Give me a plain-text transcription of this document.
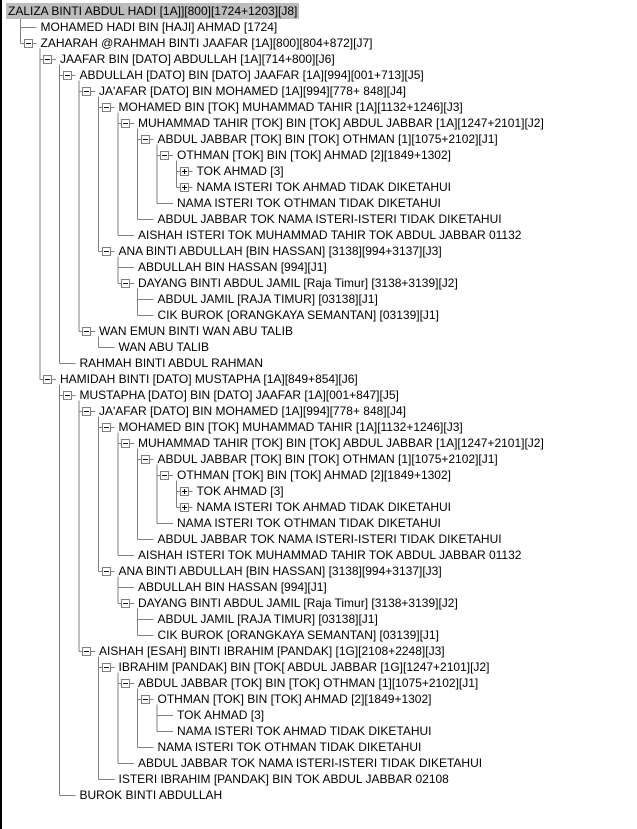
ZALIZA BINTI ABDUL HADI [1A]][800][1724+1203][J8]
MOHAMED HADI BIN [HAJI] AHMAD [1724]
ZAHARAH @RAHMAH BINTI JAAFAR [1A][800][804+872][J7]
JAAFAR BIN [DATO] ABDULLAH [1A][714+800][J6]
ABDULLAH [DATO] BIN [DATO] JAAFAR [1A][994][001+713][J5]
JA'AFAR [DATO] BIN MOHAMED [1A][994][778+ 848][J4]
MOHAMED BIN [TOK] MUHAMMAD TAHIR [1A][1132+1246][J3]
MUHAMMAD TAHIR [TOK] BIN [TOK] ABDUL JABBAR [1A][1247+2101][J2]
ABDUL JABBAR [TOK] BIN [TOK] OTHMAN [1][1075+2102][J1]
OTHMAN [TOK] BIN [TOK] AHMAD [2][1849+1302]
TOK AHMAD [3]
NAMA ISTERI TOK AHMAD TIDAK DIKETAHUI
NAMA ISTERI TOK OTHMAN TIDAK DIKETAHUI
ABDUL JABBAR TOK NAMA ISTERI-ISTERI TIDAK DIKETAHUI
AISHAH ISTERI TOK MUHAMMAD TAHIR TOK ABDUL JABBAR 01132
ANA BINTI ABDULLAH [BIN HASSAN] [3138][994+3137][J3]
ABDULLAH BIN HASSAN [994][J1]
DAYANG BINTI ABDUL JAMIL [Raja Timur] [3138+3139][J2]
ABDUL JAMIL [RAJA TIMUR] [03138][J1]
CIK BUROK [ORANGKAYA SEMANTAN] [03139][J1]
WAN EMUN BINTI WAN ABU TALIB
WAN ABU TALIB
RAHMAH BINTI ABDUL RAHMAN
HAMIDAH BINTI [DATO] MUSTAPHA [1A][849+854][J6]
MUSTAPHA [DATO] BIN [DATO] JAAFAR [1A][001+847][J5]
JA'AFAR [DATO] BIN MOHAMED [1A][994][778+ 848][J4]
MOHAMED BIN [TOK] MUHAMMAD TAHIR [1A][1132+1246][J3]
MUHAMMAD TAHIR [TOK] BIN [TOK] ABDUL JABBAR [1A][1247+2101][J2]
ABDUL JABBAR [TOK] BIN [TOK] OTHMAN [1][1075+2102][J1]
OTHMAN [TOK] BIN [TOK] AHMAD [2][1849+1302]
TOK AHMAD [3]
NAMA ISTERI TOK AHMAD TIDAK DIKETAHUI
NAMA ISTERI TOK OTHMAN TIDAK DIKETAHUI
ABDUL JABBAR TOK NAMA ISTERI-ISTERI TIDAK DIKETAHUI
AISHAH ISTERI TOK MUHAMMAD TAHIR TOK ABDUL JABBAR 01132
ANA BINTI ABDULLAH [BIN HASSAN] [3138][994+3137][J3]
ABDULLAH BIN HASSAN [994][J1]
DAYANG BINTI ABDUL JAMIL [Raja Timur] [3138+3139][J2]
ABDUL JAMIL [RAJA TIMUR] [03138][J1]
CIK BUROK [ORANGKAYA SEMANTAN] [03139][J1]
AISHAH [ESAH] BINTI IBRAHIM [PANDAK] [1G][2108+2248][J3]
IBRAHIM [PANDAK] BIN [TOK[ ABDUL JABBAR [1G][1247+2101][J2]
ABDUL JABBAR [TOK] BIN [TOK] OTHMAN [1][1075+2102][J1]
OTHMAN [TOK] BIN [TOK] AHMAD [2][1849+1302]
TOK AHMAD [3]
NAMA ISTERI TOK AHMAD TIDAK DIKETAHUI
NAMA ISTERI TOK OTHMAN TIDAK DIKETAHUI
ABDUL JABBAR TOK NAMA ISTERI-ISTERI TIDAK DIKETAHUI
ISTERI IBRAHIM [PANDAK] BIN TOK ABDUL JABBAR 02108
BUROK BINTI ABDULLAH
